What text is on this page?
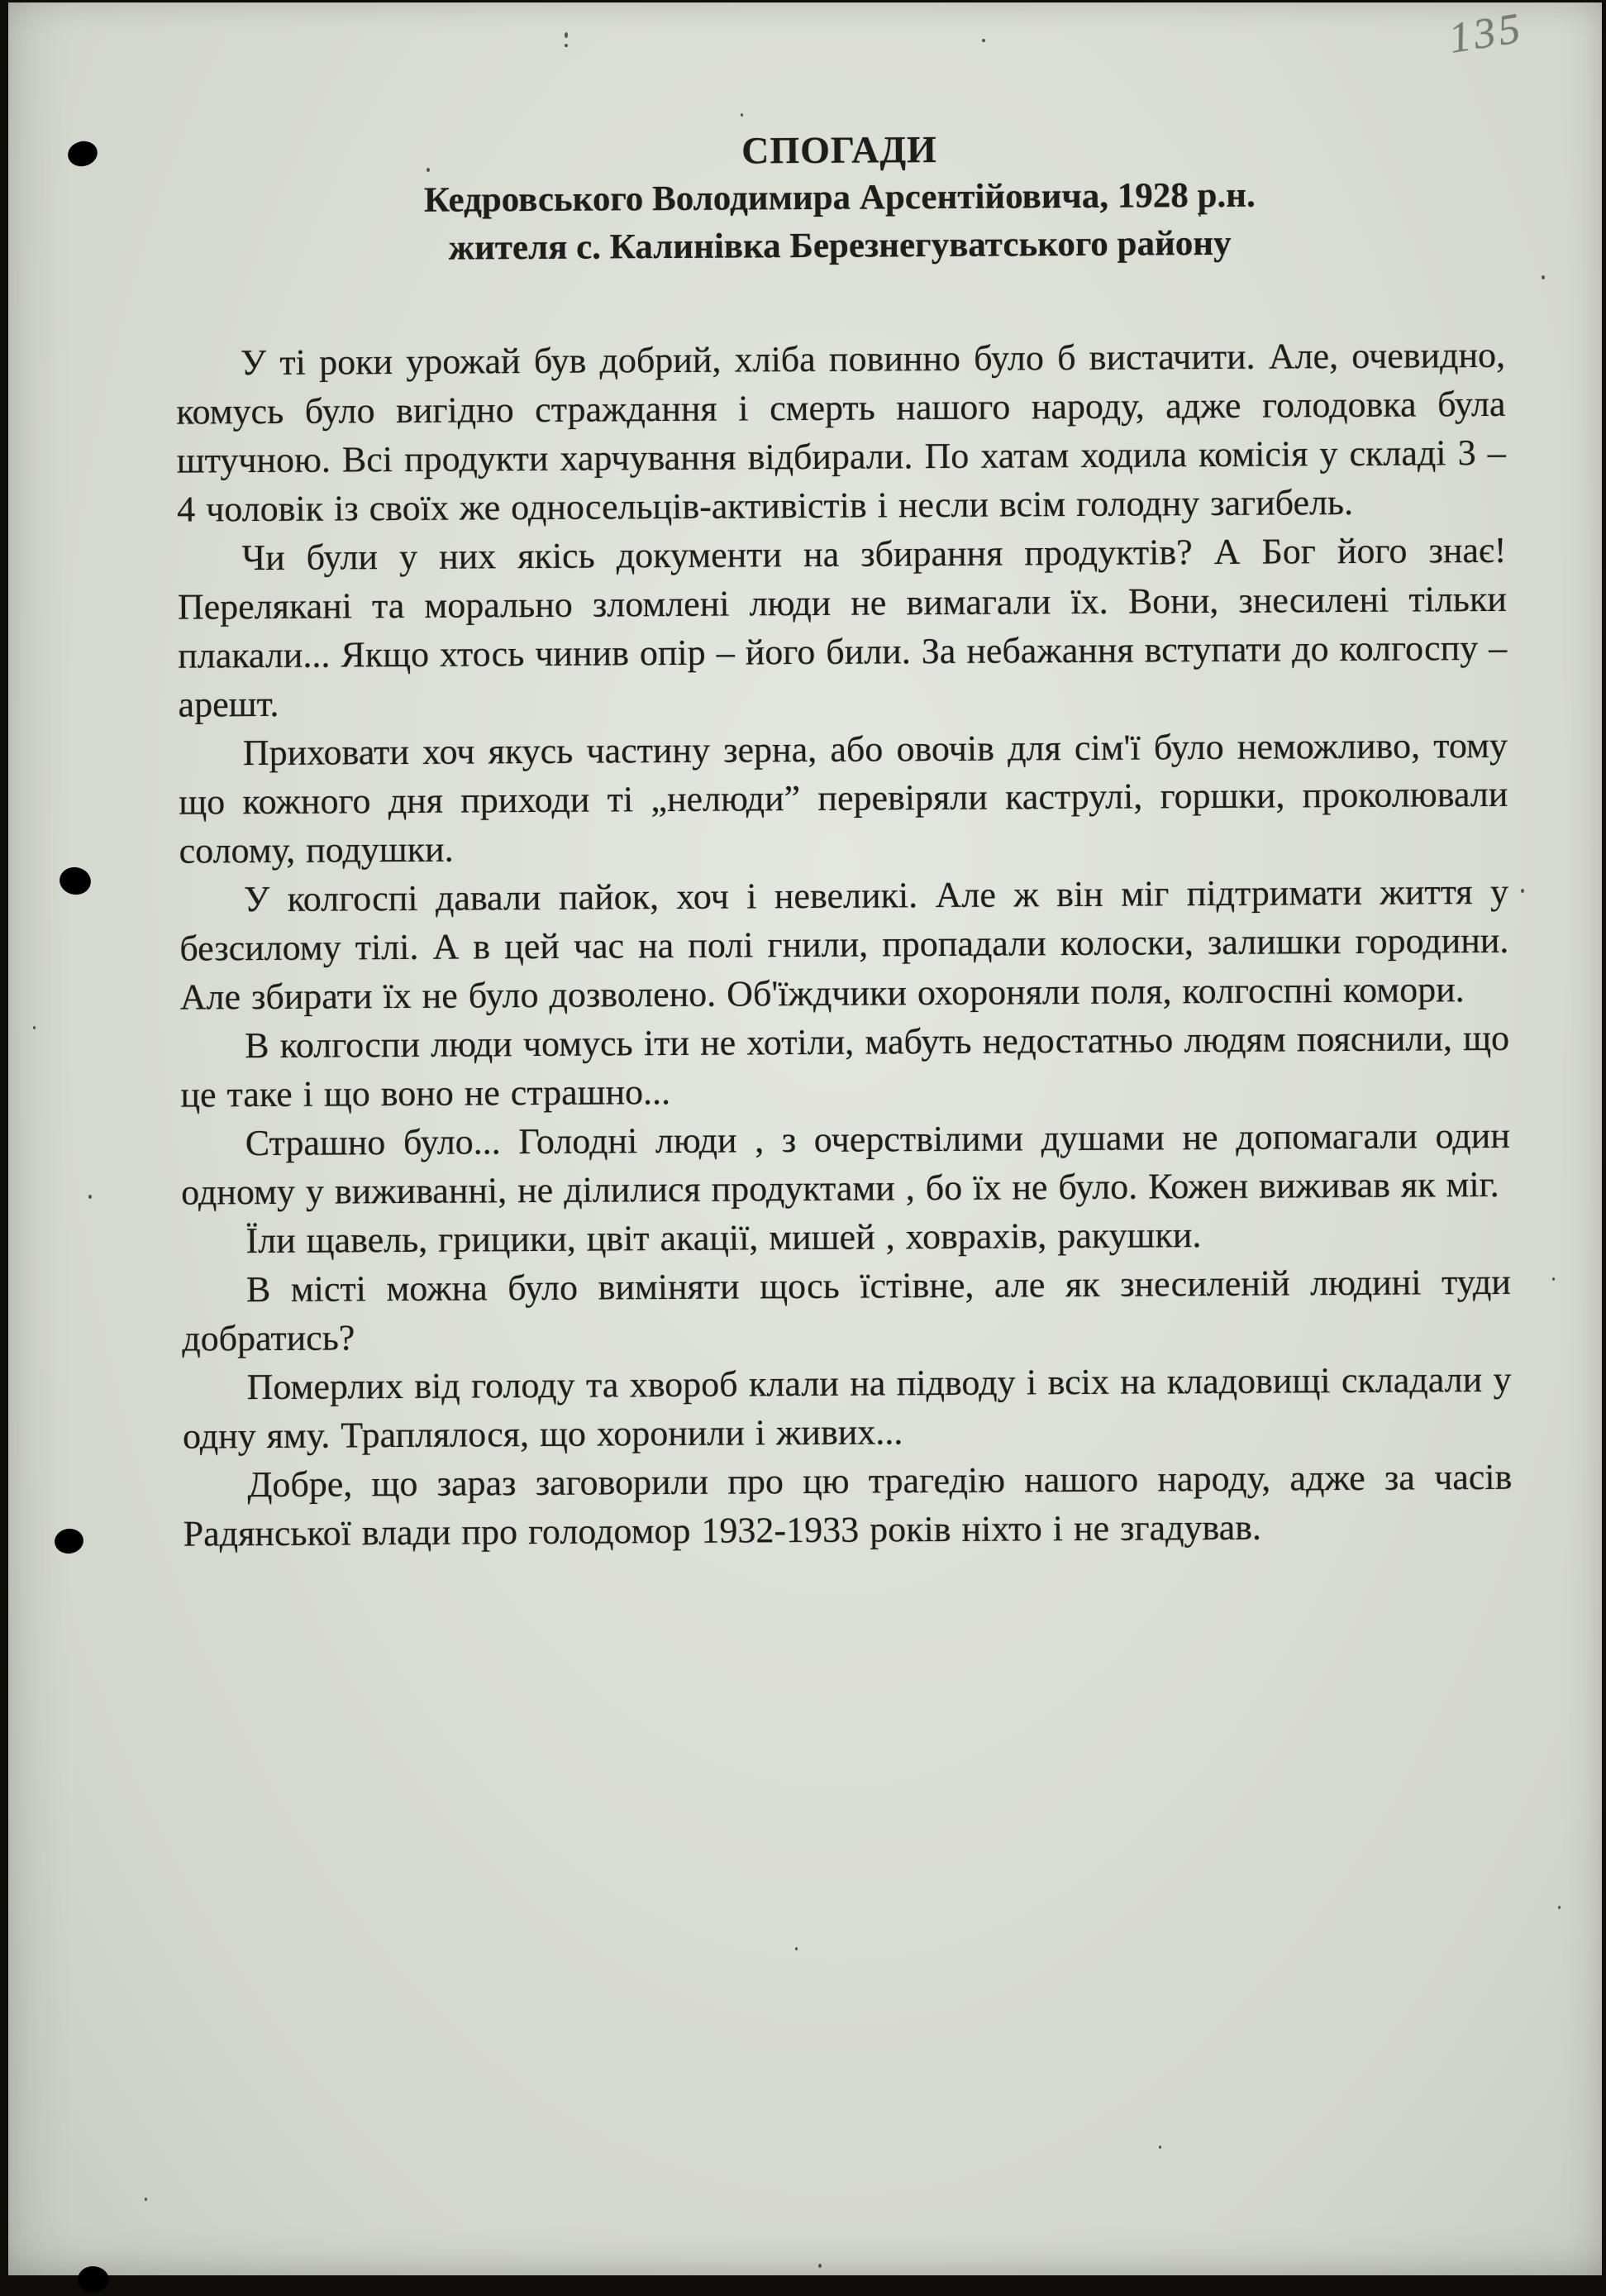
135
СПОГАДИ
Кедровського Володимира Арсентійовича, 1928 р.н.
жителя с. Калинівка Березнегуватського району

У ті роки урожай був добрий, хліба повинно було б вистачити. Але, очевидно, комусь було вигідно страждання і смерть нашого народу, адже голодовка була штучною. Всі продукти харчування відбирали. По хатам ходила комісія у складі 3 – 4 чоловік із своїх же односельців-активістів і несли всім голодну загибель.

Чи були у них якісь документи на збирання продуктів? А Бог його знає! Перелякані та морально зломлені люди не вимагали їх. Вони, знесилені тільки плакали... Якщо хтось чинив опір – його били. За небажання вступати до колгоспу – арешт.

Приховати хоч якусь частину зерна, або овочів для сім'ї було неможливо, тому що кожного дня приходи ті „нелюди” перевіряли каструлі, горшки, проколювали солому, подушки.

У колгоспі давали пайок, хоч і невеликі. Але ж він міг підтримати життя у безсилому тілі. А в цей час на полі гнили, пропадали колоски, залишки городини. Але збирати їх не було дозволено. Об'їждчики охороняли поля, колгоспні комори.

В колгоспи люди чомусь іти не хотіли, мабуть недостатньо людям пояснили, що це таке і що воно не страшно...

Страшно було... Голодні люди , з очерствілими душами не допомагали один одному у виживанні, не ділилися продуктами , бо їх не було. Кожен виживав як міг.

Їли щавель, грицики, цвіт акації, мишей , ховрахів, ракушки.

В місті можна було виміняти щось їстівне, але як знесиленій людині туди добратись?

Померлих від голоду та хвороб клали на підводу і всіх на кладовищі складали у одну яму. Траплялося, що хоронили і живих...

Добре, що зараз заговорили про цю трагедію нашого народу, адже за часів Радянської влади про голодомор 1932-1933 років ніхто і не згадував.
